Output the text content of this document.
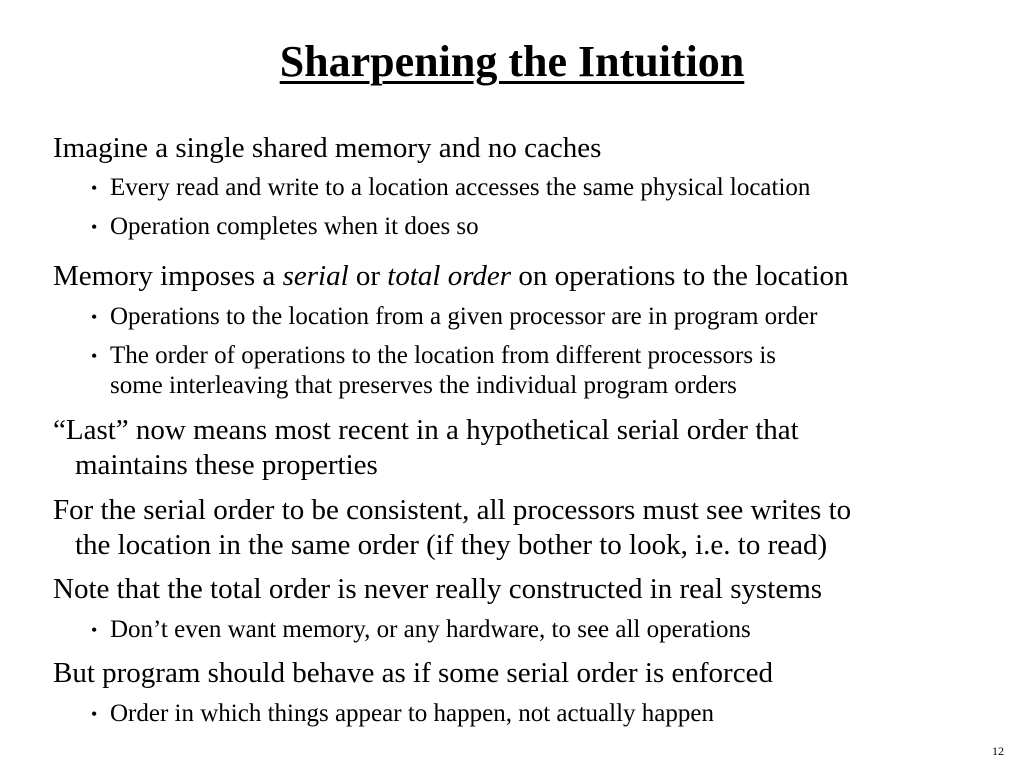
Sharpening the Intuition
Imagine a single shared memory and no caches
• Every read and write to a location accesses the same physical location
• Operation completes when it does so
Memory imposes a serial or total order on operations to the location
• Operations to the location from a given processor are in program order
• The order of operations to the location from different processors is
some interleaving that preserves the individual program orders
“Last” now means most recent in a hypothetical serial order that
maintains these properties
For the serial order to be consistent, all processors must see writes to
the location in the same order (if they bother to look, i.e. to read)
Note that the total order is never really constructed in real systems
• Don’t even want memory, or any hardware, to see all operations
But program should behave as if some serial order is enforced
• Order in which things appear to happen, not actually happen
12
